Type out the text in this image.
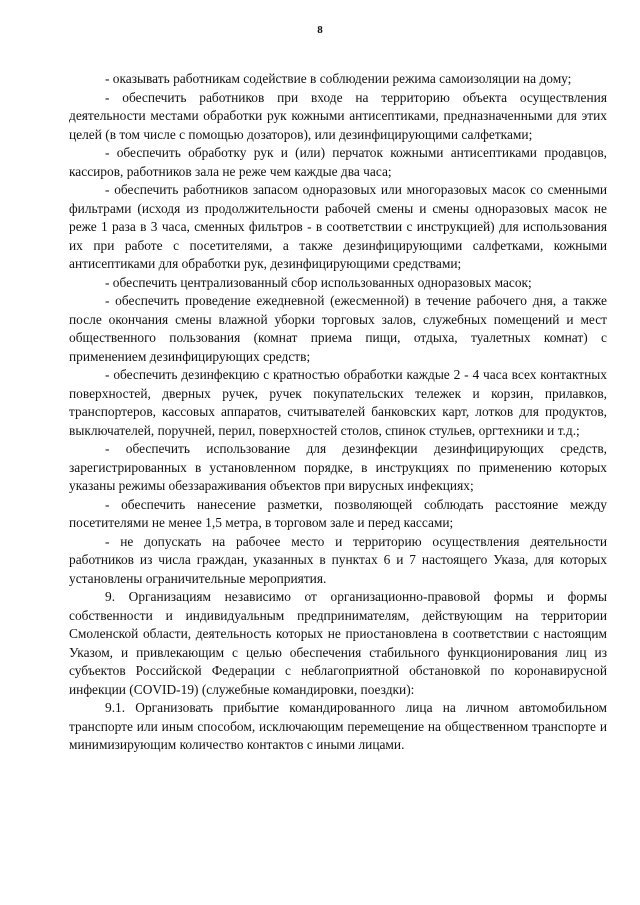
8

- оказывать работникам содействие в соблюдении режима самоизоляции на дому;

- обеспечить работников при входе на территорию объекта осуществления деятельности местами обработки рук кожными антисептиками, предназначенными для этих целей (в том числе с помощью дозаторов), или дезинфицирующими салфетками;

- обеспечить обработку рук и (или) перчаток кожными антисептиками продавцов, кассиров, работников зала не реже чем каждые два часа;

- обеспечить работников запасом одноразовых или многоразовых масок со сменными фильтрами (исходя из продолжительности рабочей смены и смены одноразовых масок не реже 1 раза в 3 часа, сменных фильтров - в соответствии с инструкцией) для использования их при работе с посетителями, а также дезинфицирующими салфетками, кожными антисептиками для обработки рук, дезинфицирующими средствами;

- обеспечить централизованный сбор использованных одноразовых масок;

- обеспечить проведение ежедневной (ежесменной) в течение рабочего дня, а также после окончания смены влажной уборки торговых залов, служебных помещений и мест общественного пользования (комнат приема пищи, отдыха, туалетных комнат) с применением дезинфицирующих средств;

- обеспечить дезинфекцию с кратностью обработки каждые 2 - 4 часа всех контактных поверхностей, дверных ручек, ручек покупательских тележек и корзин, прилавков, транспортеров, кассовых аппаратов, считывателей банковских карт, лотков для продуктов, выключателей, поручней, перил, поверхностей столов, спинок стульев, оргтехники и т.д.;

- обеспечить использование для дезинфекции дезинфицирующих средств, зарегистрированных в установленном порядке, в инструкциях по применению которых указаны режимы обеззараживания объектов при вирусных инфекциях;

- обеспечить нанесение разметки, позволяющей соблюдать расстояние между посетителями не менее 1,5 метра, в торговом зале и перед кассами;

- не допускать на рабочее место и территорию осуществления деятельности работников из числа граждан, указанных в пунктах 6 и 7 настоящего Указа, для которых установлены ограничительные мероприятия.

9. Организациям независимо от организационно-правовой формы и формы собственности и индивидуальным предпринимателям, действующим на территории Смоленской области, деятельность которых не приостановлена в соответствии с настоящим Указом, и привлекающим с целью обеспечения стабильного функционирования лиц из субъектов Российской Федерации с неблагоприятной обстановкой по коронавирусной инфекции (COVID-19) (служебные командировки, поездки):

9.1. Организовать прибытие командированного лица на личном автомобильном транспорте или иным способом, исключающим перемещение на общественном транспорте и минимизирующим количество контактов с иными лицами.
